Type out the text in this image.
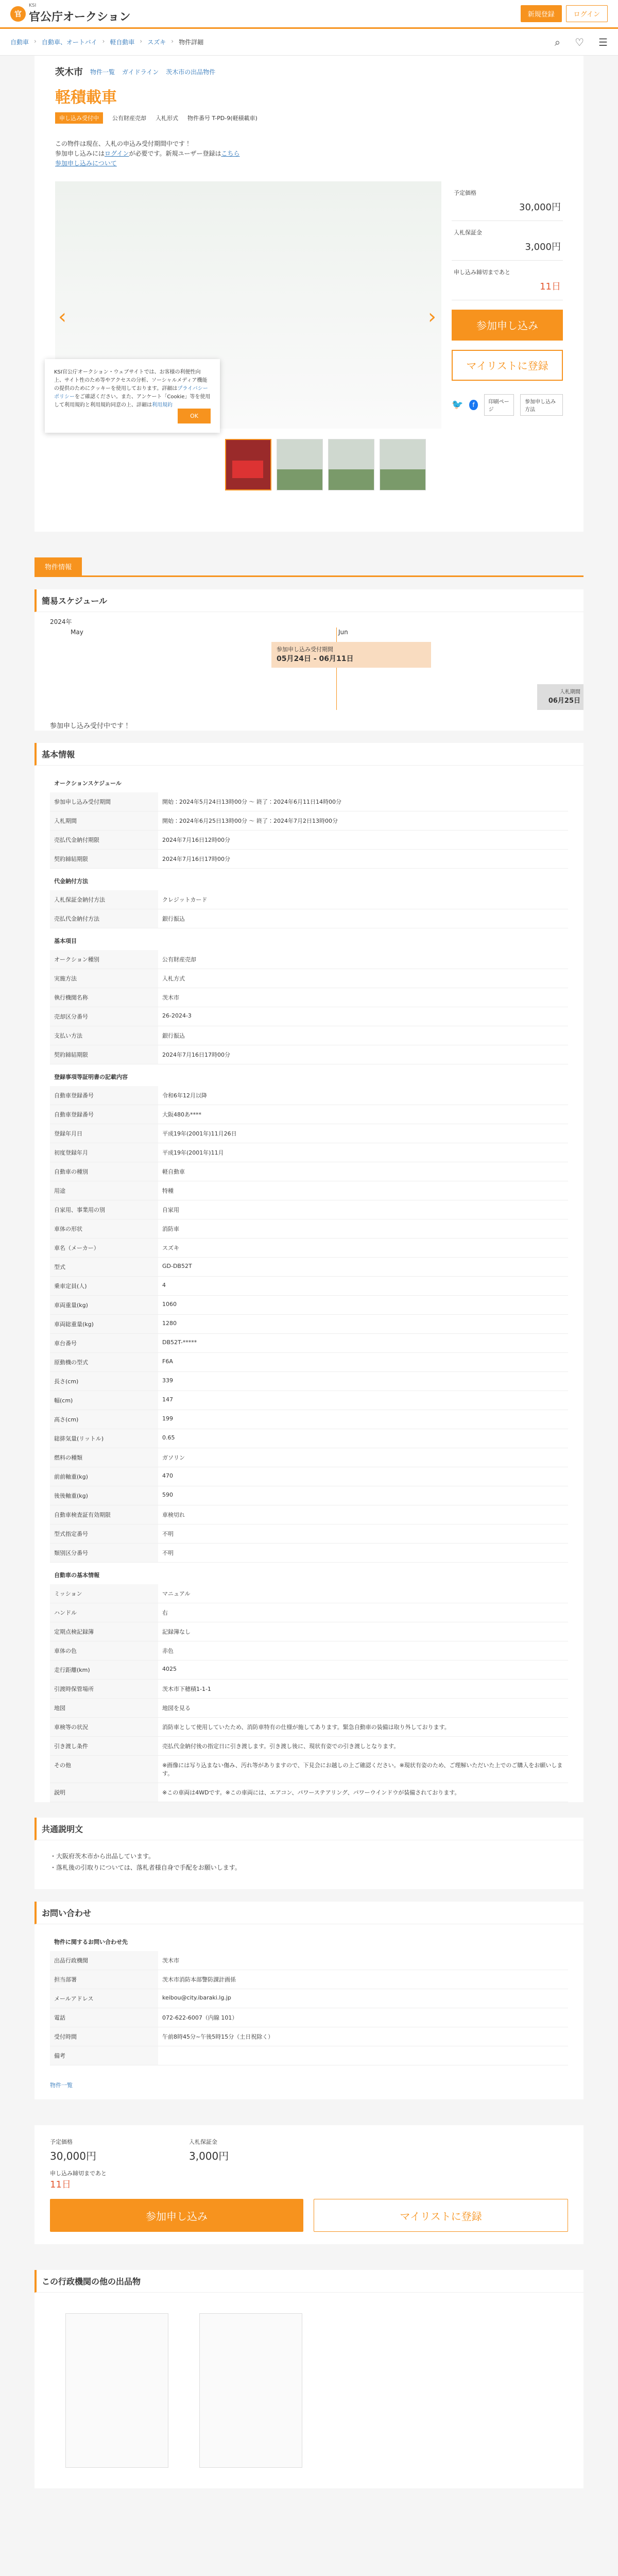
官
KSI
官公庁オークション	新規登録	ログイン
自動車 › 自動車、オートバイ › 軽自動車 › スズキ › 物件詳細	⌕ ♡ ☰
茨木市 物件一覧 ガイドライン 茨木市の出品物件
軽積載車
申し込み受付中	公有財産売却 入札形式 物件番号 T-PD-9(軽積載車)
この物件は現在、入札の申込み受付期間中です！
参加申し込みにはログインが必要です。新規ユーザー登録はこちら
参加申し込みについて
‹	›
KSI官公庁オークション・ウェブサイトでは、お客様の利便性向上、サイト性のため等やアクセスの分析、ソーシャルメディア機能の提供のためにクッキーを使用しております。詳細はプライバシーポリシーをご確認ください。また、アンケート「Cookie」等を使用して利用規約と利用規約同意の上、詳細は利用規約
OK
予定価格
30,000円
入札保証金
3,000円
申し込み締切まであと
11日
参加申し込み
マイリストに登録
🐦	f	印刷ページ
参加申し込み方法
物件情報
簡易スケジュール
2024年
May	Jun
参加申し込み受付期間
05月24日 - 06月11日
入札期間
06月25日
参加申し込み受付中です！
基本情報
オークションスケジュール	
参加申し込み受付期間	開始：2024年5月24日13時00分 ～ 終了：2024年6月11日14時00分
入札期間	開始：2024年6月25日13時00分 ～ 終了：2024年7月2日13時00分
売払代金納付期限	2024年7月16日12時00分
契約締結期限	2024年7月16日17時00分
代金納付方法	
入札保証金納付方法	クレジットカード
売払代金納付方法	銀行振込
基本項目	
オークション種別	公有財産売却
実施方法	入札方式
執行機関名称	茨木市
売却区分番号	26-2024-3
支払い方法	銀行振込
契約締結期限	2024年7月16日17時00分
登録事項等証明書の記載内容	
自動車登録番号	令和6年12月以降
自動車登録番号	大阪480あ****
登録年月日	平成19年(2001年)11月26日
初度登録年月	平成19年(2001年)11月
自動車の種別	軽自動車
用途	特種
自家用、事業用の別	自家用
車体の形状	消防車
車名（メーカー）	スズキ
型式	GD-DB52T
乗車定員(人)	4
車両重量(kg)	1060
車両総重量(kg)	1280
車台番号	DB52T-*****
原動機の型式	F6A
長さ(cm)	339
幅(cm)	147
高さ(cm)	199
総排気量(リットル)	0.65
燃料の種類	ガソリン
前前軸重(kg)	470
後後軸重(kg)	590
自動車検査証有効期限	車検切れ
型式指定番号	不明
類別区分番号	不明
自動車の基本情報	
ミッション	マニュアル
ハンドル	右
定期点検記録簿	記録簿なし
車体の色	赤色
走行距離(km)	4025
引渡時保管場所	茨木市下穂積1-1-1
地図	地図を見る
車検等の状況	消防車として使用していたため、消防車特有の仕様が施してあります。緊急自動車の装備は取り外しております。
引き渡し条件	売払代金納付後の指定日に引き渡します。引き渡し後に、現状有姿での引き渡しとなります。
その他	※画像には写り込まない傷み、汚れ等がありますので、下見会にお越しの上ご確認ください。※現状有姿のため、ご理解いただいた上でのご購入をお願いします。
説明	※この車両は4WDです。※この車両には、エアコン、パワーステアリング、パワーウインドウが装備されております。
共通説明文
・大阪府茨木市から出品しています。
・落札後の引取りについては、落札者様自身で手配をお願いします。
お問い合わせ
物件に関するお問い合わせ先	
出品行政機関	茨木市
担当部署	茨木市消防本部警防課計画係
メールアドレス	keibou@city.ibaraki.lg.jp
電話	072-622-6007（内線 101）
受付時間	午前8時45分~午後5時15分（土日祝除く）
備考	
物件一覧
予定価格
30,000円
入札保証金
3,000円
申し込み締切まであと
11日
参加申し込み	マイリストに登録
この行政機関の他の出品物
